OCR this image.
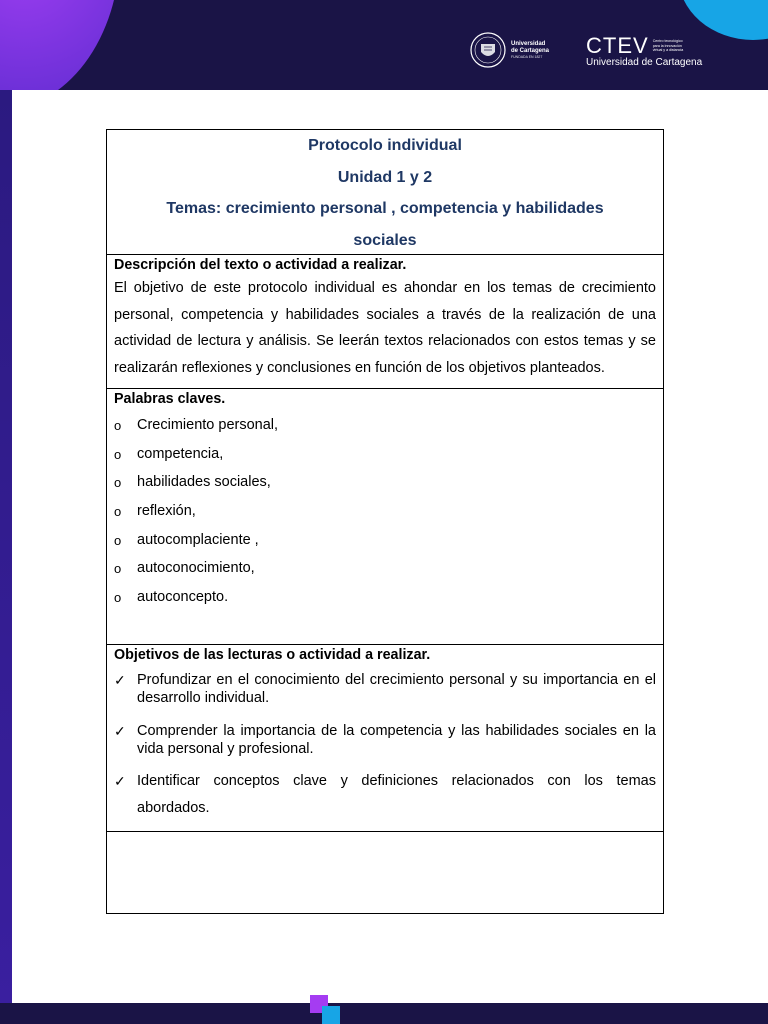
Universidad
de Cartagena
FUNDADA EN 1827	CTEV Centro tecnológico para la innovación virtual y a distancia
Universidad de Cartagena
Protocolo individual
Unidad 1 y 2
Temas: crecimiento personal , competencia y habilidades
sociales
Descripción del texto o actividad a realizar.

El objetivo de este protocolo individual es ahondar en los temas de crecimiento personal, competencia y habilidades sociales a través de la realización de una actividad de lectura y análisis. Se leerán textos relacionados con estos temas y se realizarán reflexiones y conclusiones en función de los objetivos planteados.

Palabras claves.
o	Crecimiento personal,
o	competencia,
o	habilidades sociales,
o	reflexión,
o	autocomplaciente ,
o	autoconocimiento,
o	autoconcepto.
Objetivos de las lecturas o actividad a realizar.
✓ Profundizar en el conocimiento del crecimiento personal y su importancia en el desarrollo individual.
✓ Comprender la importancia de la competencia y las habilidades sociales en la vida personal y profesional.
✓ Identificar conceptos clave y definiciones relacionados con los temas abordados.
